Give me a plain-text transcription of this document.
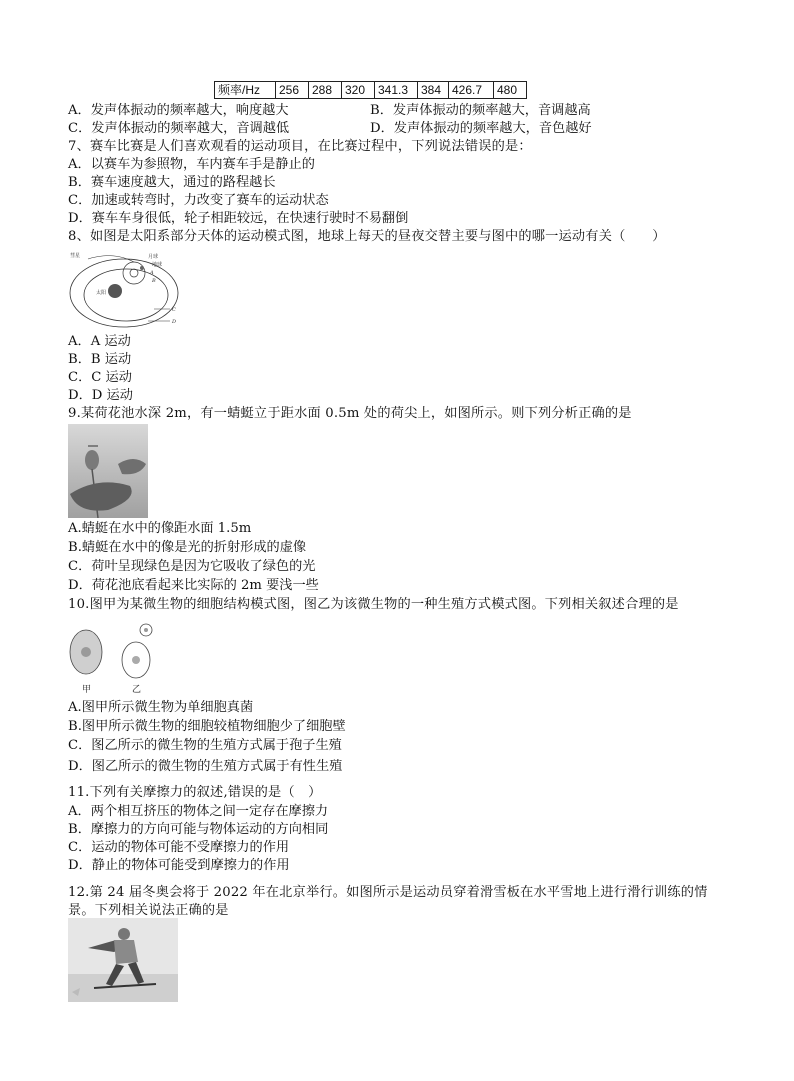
频率/Hz	256	288	320	341.3	384	426.7	480
A．发声体振动的频率越大，响度越大	B．发声体振动的频率越大，音调越高
C．发声体振动的频率越大，音调越低	D．发声体振动的频率越大，音色越好
7、赛车比赛是人们喜欢观看的运动项目，在比赛过程中，下列说法错误的是：
A．以赛车为参照物，车内赛车手是静止的
B．赛车速度越大，通过的路程越长
C．加速或转弯时，力改变了赛车的运动状态
D．赛车车身很低，轮子相距较远，在快速行驶时不易翻倒
8、如图是太阳系部分天体的运动模式图，地球上每天的昼夜交替主要与图中的哪一运动有关（　　）
太阳
彗星	月球
地球
A
B
C
D
A．A 运动
B．B 运动
C．C 运动
D．D 运动
9.某荷花池水深 2m，有一蜻蜓立于距水面 0.5m 处的荷尖上，如图所示。则下列分析正确的是
A.蜻蜓在水中的像距水面 1.5m
B.蜻蜓在水中的像是光的折射形成的虚像
C．荷叶呈现绿色是因为它吸收了绿色的光
D．荷花池底看起来比实际的 2m 要浅一些
10.图甲为某微生物的细胞结构模式图，图乙为该微生物的一种生殖方式模式图。下列相关叙述合理的是
甲	乙
A.图甲所示微生物为单细胞真菌
B.图甲所示微生物的细胞较植物细胞少了细胞壁
C．图乙所示的微生物的生殖方式属于孢子生殖
D．图乙所示的微生物的生殖方式属于有性生殖
11.下列有关摩擦力的叙述,错误的是（　）
A．两个相互挤压的物体之间一定存在摩擦力
B．摩擦力的方向可能与物体运动的方向相同
C．运动的物体可能不受摩擦力的作用
D．静止的物体可能受到摩擦力的作用
12.第 24 届冬奥会将于 2022 年在北京举行。如图所示是运动员穿着滑雪板在水平雪地上进行滑行训练的情
景。下列相关说法正确的是
